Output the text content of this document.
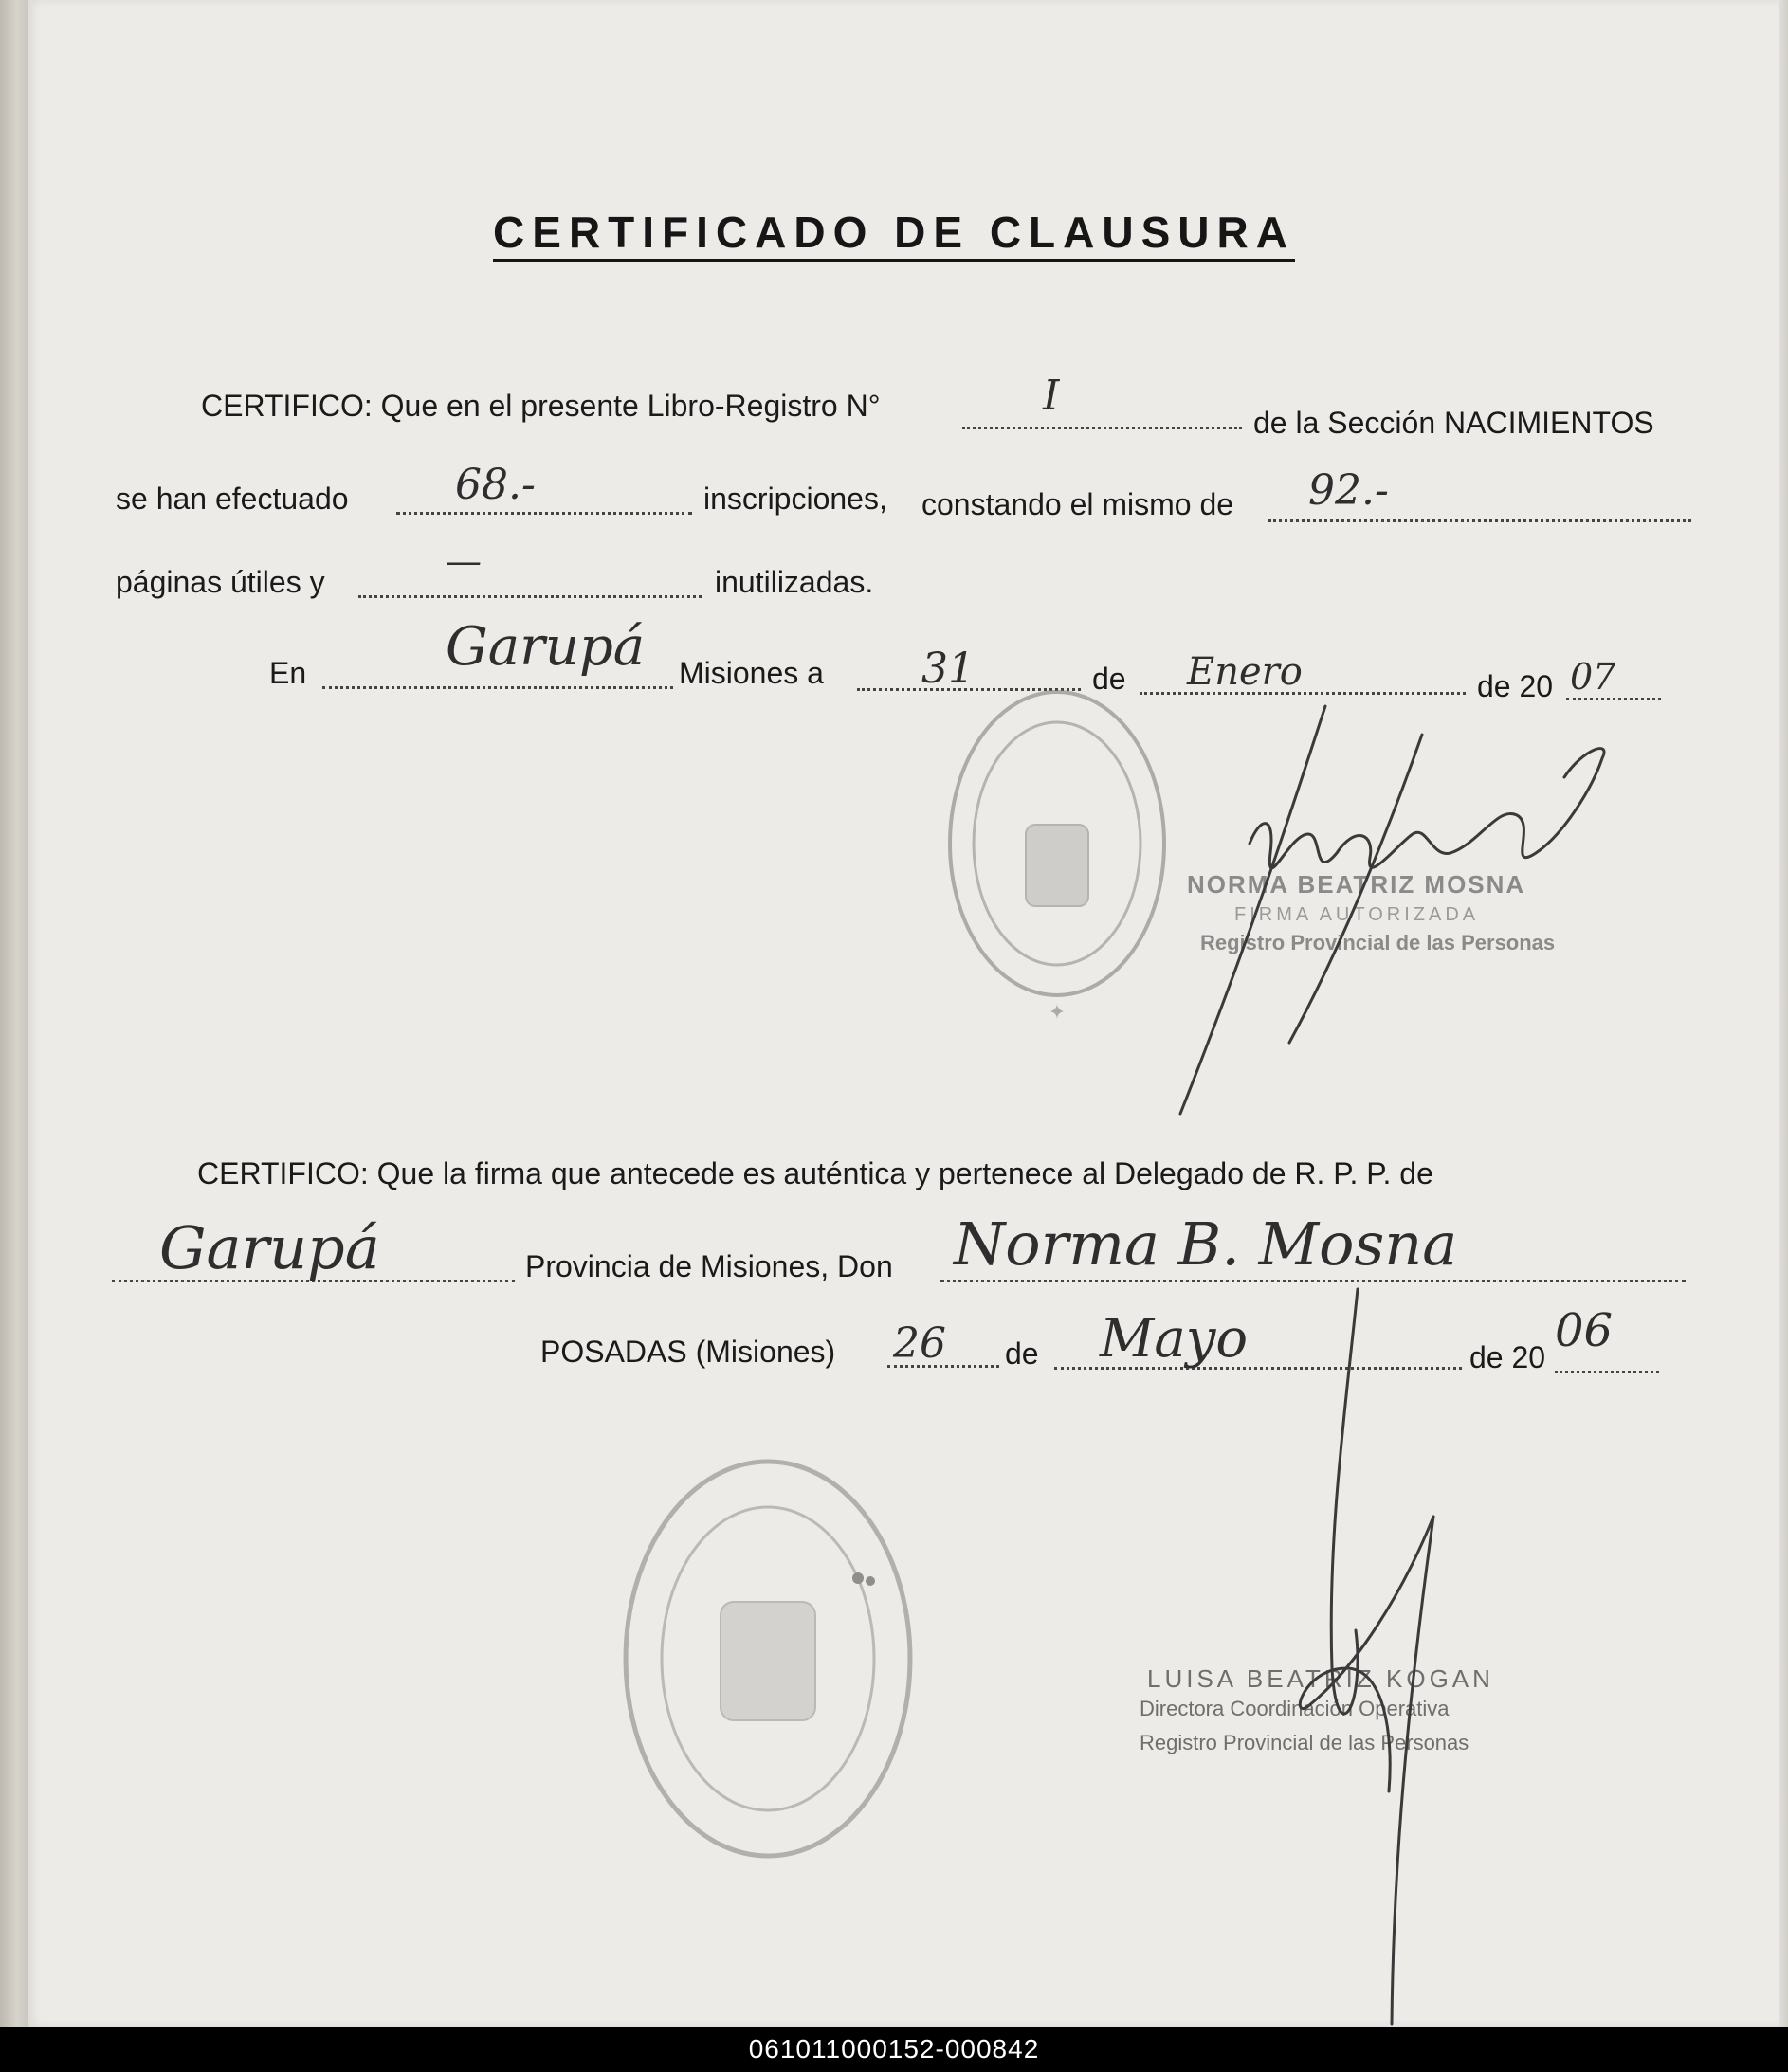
CERTIFICADO DE CLAUSURA
CERTIFICO: Que en el presente Libro-Registro N°	I
de la Sección NACIMIENTOS
se han efectuado	68.-	inscripciones, constando el mismo de 92.-
páginas útiles y	—	inutilizadas.
En	Garupá Misiones a 31	de Enero	de 20 07
NORMA BEATRIZ MOSNA
FIRMA AUTORIZADA
Registro Provincial de las Personas
CERTIFICO: Que la firma que antecede es auténtica y pertenece al Delegado de R. P. P. de
Garupá	Provincia de Misiones, Don Norma B. Mosna
POSADAS (Misiones) 26 de Mayo	de 20 06
LUISA BEATRIZ KOGAN
Directora Coordinación Operativa
Registro Provincial de las Personas
✦
061011000152-000842
